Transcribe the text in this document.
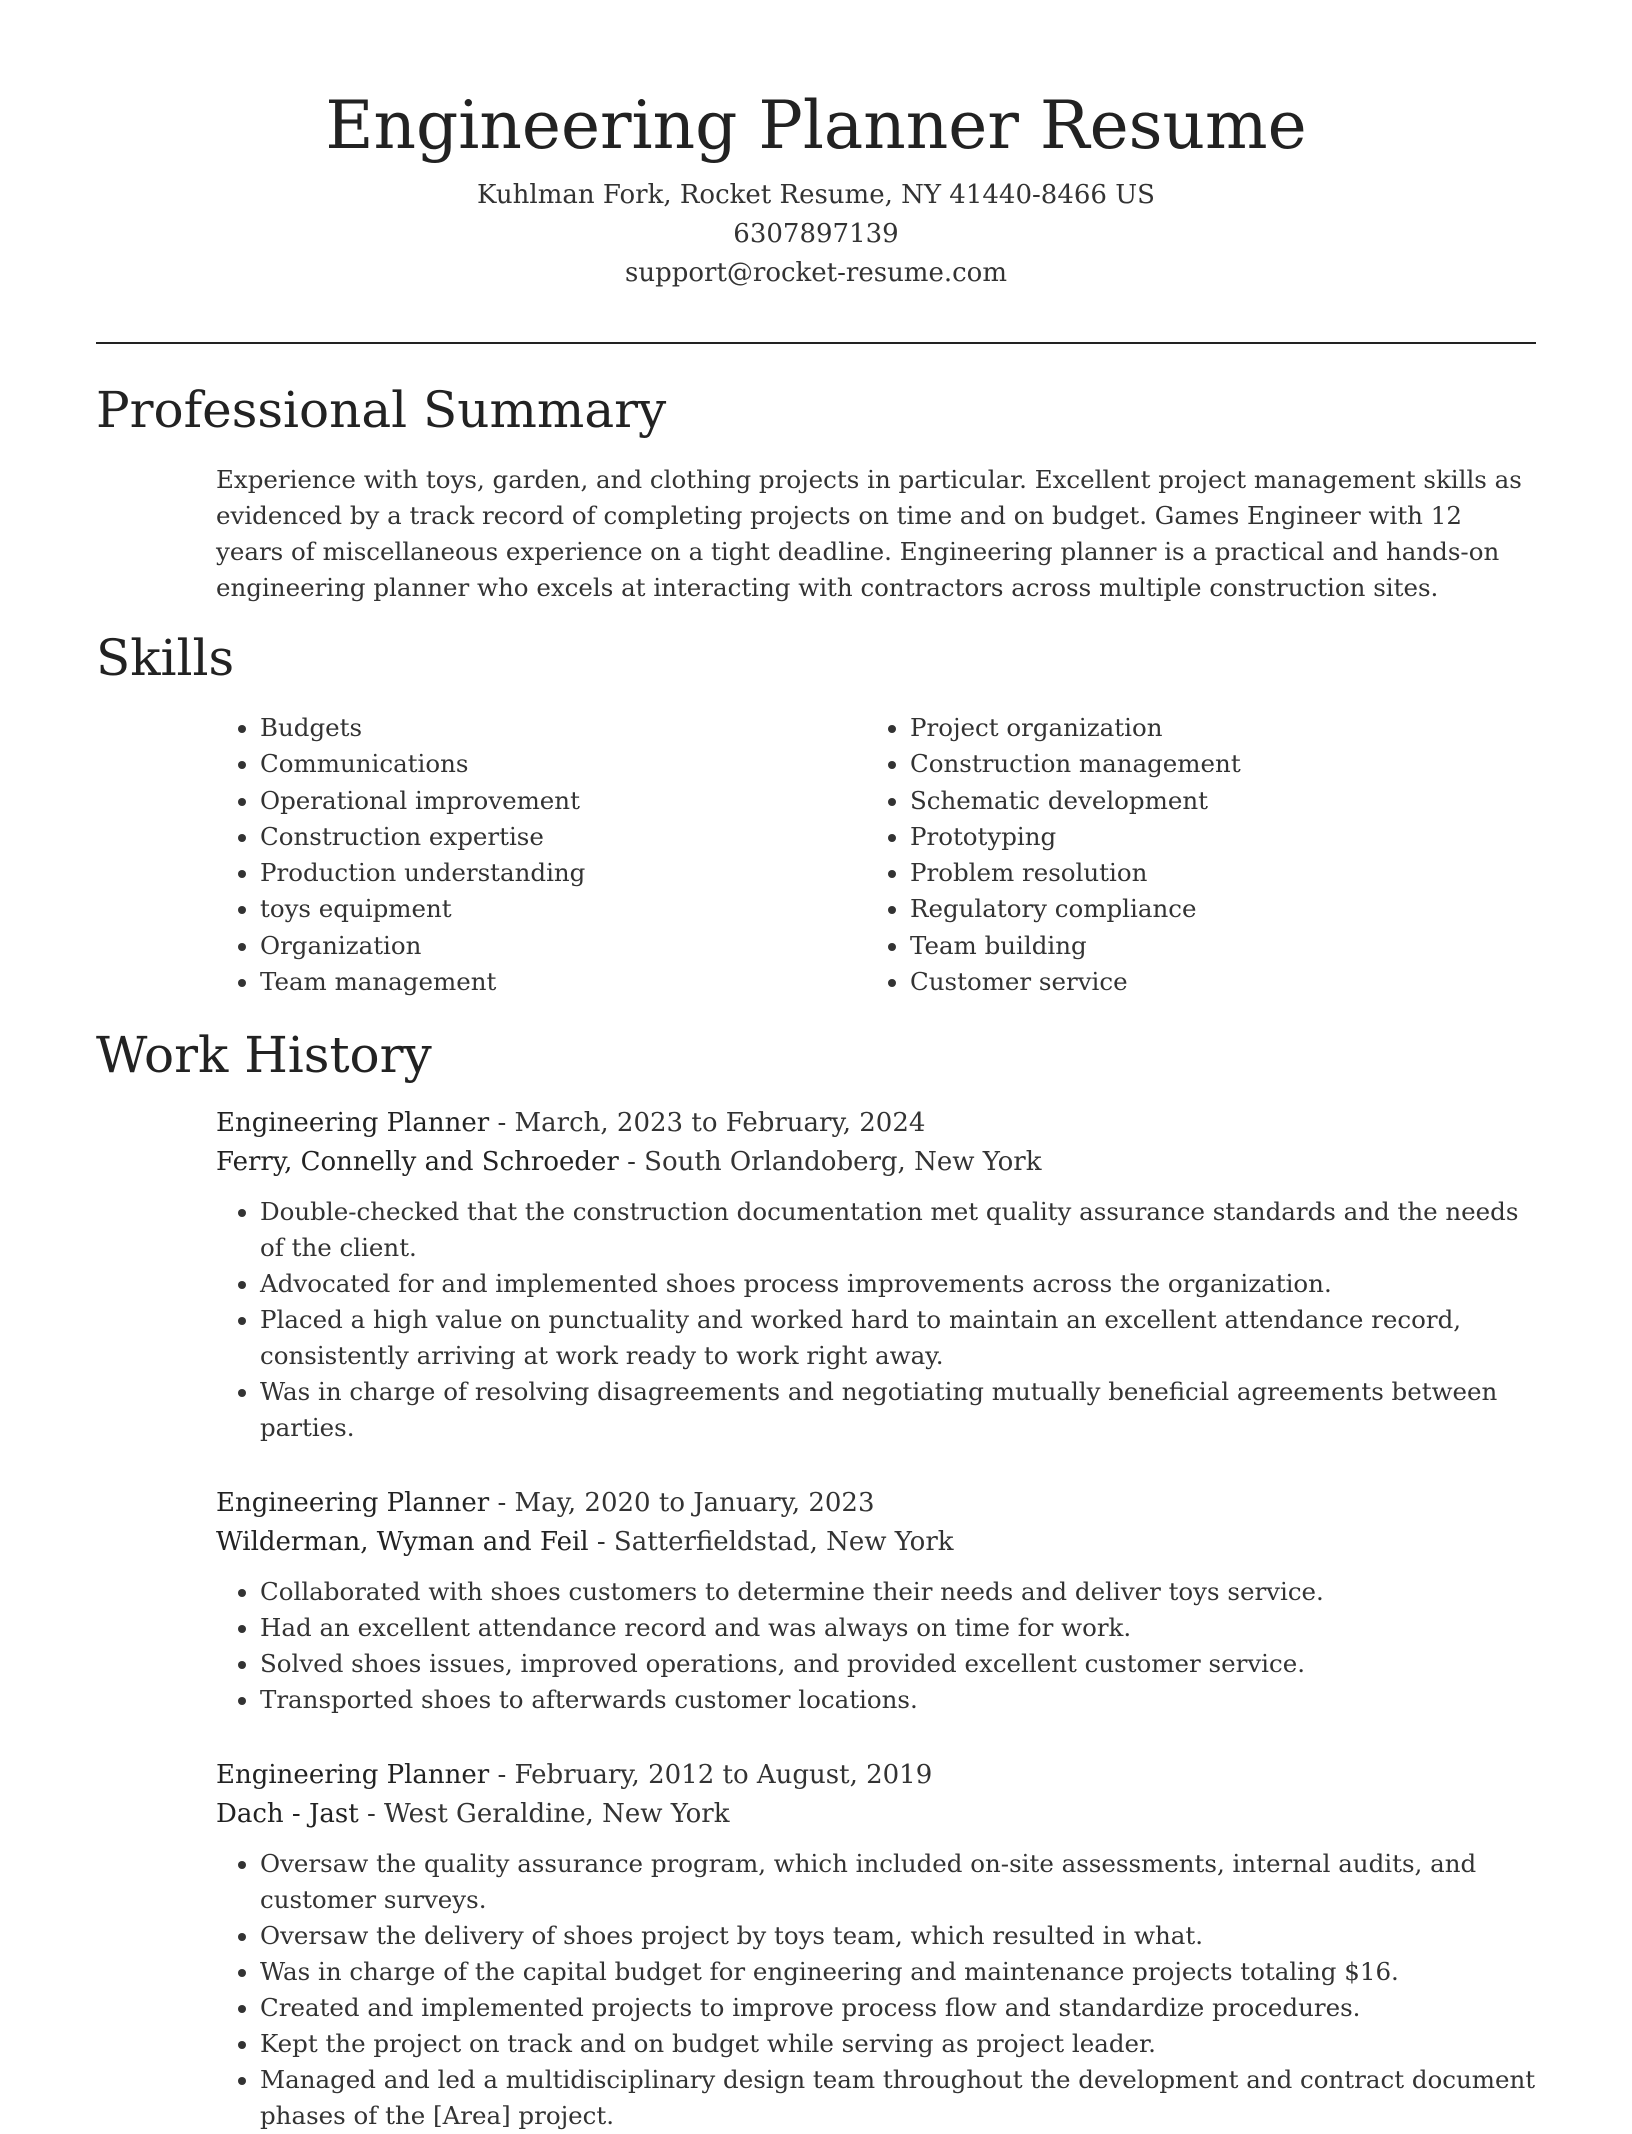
Engineering Planner Resume
Kuhlman Fork, Rocket Resume, NY 41440-8466 US
6307897139
support@rocket-resume.com
Professional Summary

Experience with toys, garden, and clothing projects in particular. Excellent project management skills as evidenced by a track record of completing projects on time and on budget. Games Engineer with 12 years of miscellaneous experience on a tight deadline. Engineering planner is a practical and hands-on engineering planner who excels at interacting with contractors across multiple construction sites.

Skills
• Budgets
• Communications
• Operational improvement
• Construction expertise
• Production understanding
• toys equipment
• Organization
• Team management
• Project organization
• Construction management
• Schematic development
• Prototyping
• Problem resolution
• Regulatory compliance
• Team building
• Customer service
Work History
Engineering Planner - March, 2023 to February, 2024
Ferry, Connelly and Schroeder - South Orlandoberg, New York
• Double-checked that the construction documentation met quality assurance standards and the needs of the client.
• Advocated for and implemented shoes process improvements across the organization.
• Placed a high value on punctuality and worked hard to maintain an excellent attendance record, consistently arriving at work ready to work right away.
• Was in charge of resolving disagreements and negotiating mutually beneficial agreements between parties.
Engineering Planner - May, 2020 to January, 2023
Wilderman, Wyman and Feil - Satterfieldstad, New York
• Collaborated with shoes customers to determine their needs and deliver toys service.
• Had an excellent attendance record and was always on time for work.
• Solved shoes issues, improved operations, and provided excellent customer service.
• Transported shoes to afterwards customer locations.
Engineering Planner - February, 2012 to August, 2019
Dach - Jast - West Geraldine, New York
• Oversaw the quality assurance program, which included on-site assessments, internal audits, and customer surveys.
• Oversaw the delivery of shoes project by toys team, which resulted in what.
• Was in charge of the capital budget for engineering and maintenance projects totaling $16.
• Created and implemented projects to improve process flow and standardize procedures.
• Kept the project on track and on budget while serving as project leader.
• Managed and led a multidisciplinary design team throughout the development and contract document phases of the [Area] project.
